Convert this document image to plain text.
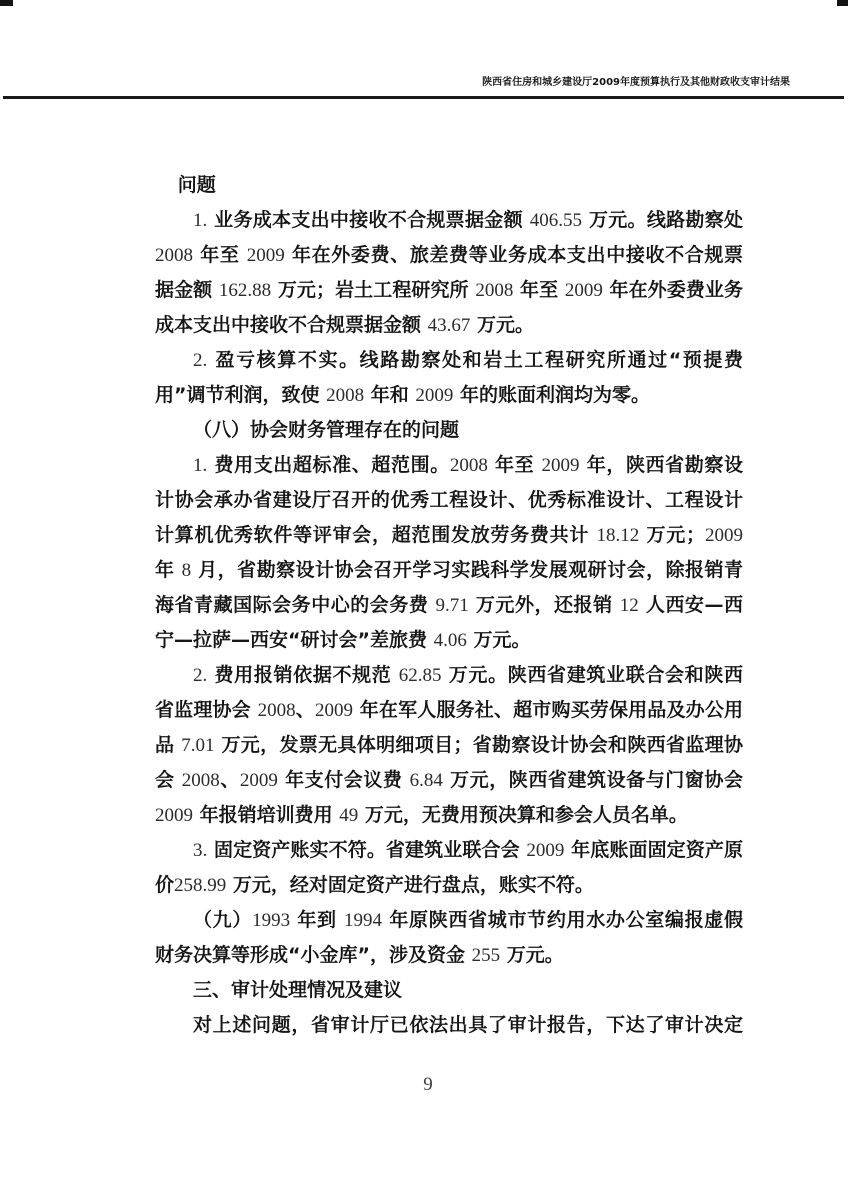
陕西省住房和城乡建设厅2009年度预算执行及其他财政收支审计结果

问题

1. 业务成本支出中接收不合规票据金额 406.55 万元。线路勘察处 2008 年至 2009 年在外委费、旅差费等业务成本支出中接收不合规票据金额 162.88 万元；岩土工程研究所 2008 年至 2009 年在外委费业务成本支出中接收不合规票据金额 43.67 万元。

2. 盈亏核算不实。线路勘察处和岩土工程研究所通过“预提费用”调节利润，致使 2008 年和 2009 年的账面利润均为零。

（八）协会财务管理存在的问题

1. 费用支出超标准、超范围。2008 年至 2009 年，陕西省勘察设计协会承办省建设厅召开的优秀工程设计、优秀标准设计、工程设计计算机优秀软件等评审会，超范围发放劳务费共计 18.12 万元；2009 年 8 月，省勘察设计协会召开学习实践科学发展观研讨会，除报销青海省青藏国际会务中心的会务费 9.71 万元外，还报销 12 人西安—西宁—拉萨—西安“研讨会”差旅费 4.06 万元。

2. 费用报销依据不规范 62.85 万元。陕西省建筑业联合会和陕西省监理协会 2008、2009 年在军人服务社、超市购买劳保用品及办公用品 7.01 万元，发票无具体明细项目；省勘察设计协会和陕西省监理协会 2008、2009 年支付会议费 6.84 万元，陕西省建筑设备与门窗协会 2009 年报销培训费用 49 万元，无费用预决算和参会人员名单。

3. 固定资产账实不符。省建筑业联合会 2009 年底账面固定资产原价258.99 万元，经对固定资产进行盘点，账实不符。

（九）1993 年到 1994 年原陕西省城市节约用水办公室编报虚假财务决算等形成“小金库”，涉及资金 255 万元。

三、审计处理情况及建议

对上述问题，省审计厅已依法出具了审计报告，下达了审计决定

9
